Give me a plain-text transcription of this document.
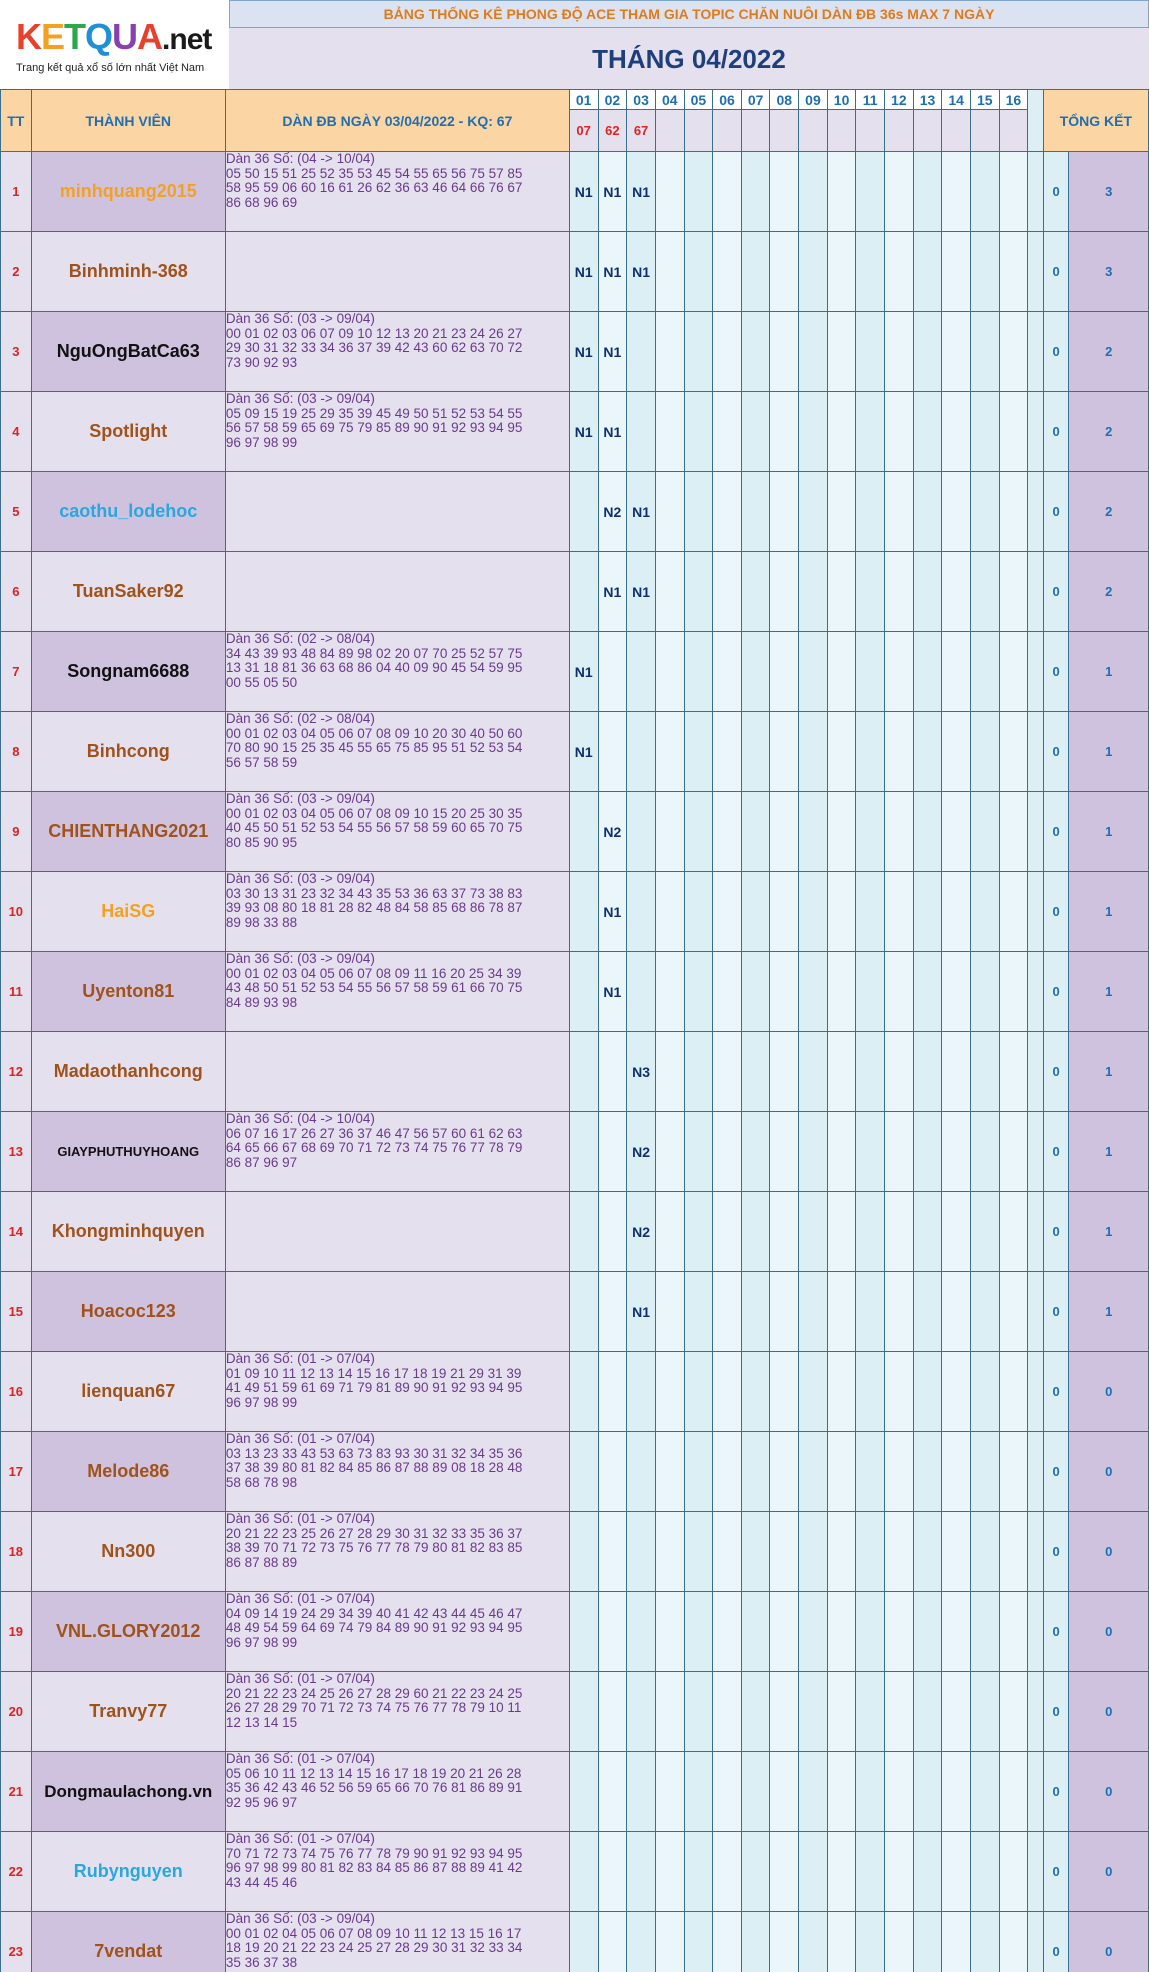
KETQUA.net
Trang kết quả xổ số lớn nhất Việt Nam
BẢNG THỐNG KÊ PHONG ĐỘ ACE THAM GIA TOPIC CHĂN NUÔI DÀN ĐB 36s MAX 7 NGÀY
THÁNG 04/2022
TT	THÀNH VIÊN	DÀN ĐB NGÀY 03/04/2022 - KQ: 67	01	02	03	04	05	06	07	08	09	10	11	12	13	14	15	16		TỔNG KẾT	
			07	62	67																
1	minhquang2015	Dàn 36 Số: (04 -> 10/04)
05 50 15 51 25 52 35 53 45 54 55 65 56 75 57 85
58 95 59 06 60 16 61 26 62 36 63 46 64 66 76 67
86 68 96 69	N1	N1	N1															0	3
2	Binhminh-368		N1	N1	N1															0	3
3	NguOngBatCa63	Dàn 36 Số: (03 -> 09/04)
00 01 02 03 06 07 09 10 12 13 20 21 23 24 26 27
29 30 31 32 33 34 36 37 39 42 43 60 62 63 70 72
73 90 92 93	N1	N1																0	2
4	Spotlight	Dàn 36 Số: (03 -> 09/04)
05 09 15 19 25 29 35 39 45 49 50 51 52 53 54 55
56 57 58 59 65 69 75 79 85 89 90 91 92 93 94 95
96 97 98 99	N1	N1																0	2
5	caothu_lodehoc			N2	N1															0	2
6	TuanSaker92			N1	N1															0	2
7	Songnam6688	Dàn 36 Số: (02 -> 08/04)
34 43 39 93 48 84 89 98 02 20 07 70 25 52 57 75
13 31 18 81 36 63 68 86 04 40 09 90 45 54 59 95
00 55 05 50	N1																	0	1
8	Binhcong	Dàn 36 Số: (02 -> 08/04)
00 01 02 03 04 05 06 07 08 09 10 20 30 40 50 60
70 80 90 15 25 35 45 55 65 75 85 95 51 52 53 54
56 57 58 59	N1																	0	1
9	CHIENTHANG2021	Dàn 36 Số: (03 -> 09/04)
00 01 02 03 04 05 06 07 08 09 10 15 20 25 30 35
40 45 50 51 52 53 54 55 56 57 58 59 60 65 70 75
80 85 90 95		N2																0	1
10	HaiSG	Dàn 36 Số: (03 -> 09/04)
03 30 13 31 23 32 34 43 35 53 36 63 37 73 38 83
39 93 08 80 18 81 28 82 48 84 58 85 68 86 78 87
89 98 33 88		N1																0	1
11	Uyenton81	Dàn 36 Số: (03 -> 09/04)
00 01 02 03 04 05 06 07 08 09 11 16 20 25 34 39
43 48 50 51 52 53 54 55 56 57 58 59 61 66 70 75
84 89 93 98		N1																0	1
12	Madaothanhcong				N3															0	1
13	GIAYPHUTHUYHOANG	Dàn 36 Số: (04 -> 10/04)
06 07 16 17 26 27 36 37 46 47 56 57 60 61 62 63
64 65 66 67 68 69 70 71 72 73 74 75 76 77 78 79
86 87 96 97			N2															0	1
14	Khongminhquyen				N2															0	1
15	Hoacoc123				N1															0	1
16	lienquan67	Dàn 36 Số: (01 -> 07/04)
01 09 10 11 12 13 14 15 16 17 18 19 21 29 31 39
41 49 51 59 61 69 71 79 81 89 90 91 92 93 94 95
96 97 98 99																		0	0
17	Melode86	Dàn 36 Số: (01 -> 07/04)
03 13 23 33 43 53 63 73 83 93 30 31 32 34 35 36
37 38 39 80 81 82 84 85 86 87 88 89 08 18 28 48
58 68 78 98																		0	0
18	Nn300	Dàn 36 Số: (01 -> 07/04)
20 21 22 23 25 26 27 28 29 30 31 32 33 35 36 37
38 39 70 71 72 73 75 76 77 78 79 80 81 82 83 85
86 87 88 89																		0	0
19	VNL.GLORY2012	Dàn 36 Số: (01 -> 07/04)
04 09 14 19 24 29 34 39 40 41 42 43 44 45 46 47
48 49 54 59 64 69 74 79 84 89 90 91 92 93 94 95
96 97 98 99																		0	0
20	Tranvy77	Dàn 36 Số: (01 -> 07/04)
20 21 22 23 24 25 26 27 28 29 60 21 22 23 24 25
26 27 28 29 70 71 72 73 74 75 76 77 78 79 10 11
12 13 14 15																		0	0
21	Dongmaulachong.vn	Dàn 36 Số: (01 -> 07/04)
05 06 10 11 12 13 14 15 16 17 18 19 20 21 26 28
35 36 42 43 46 52 56 59 65 66 70 76 81 86 89 91
92 95 96 97																		0	0
22	Rubynguyen	Dàn 36 Số: (01 -> 07/04)
70 71 72 73 74 75 76 77 78 79 90 91 92 93 94 95
96 97 98 99 80 81 82 83 84 85 86 87 88 89 41 42
43 44 45 46																		0	0
23	7vendat	Dàn 36 Số: (03 -> 09/04)
00 01 02 04 05 06 07 08 09 10 11 12 13 15 16 17
18 19 20 21 22 23 24 25 27 28 29 30 31 32 33 34
35 36 37 38																		0	0
